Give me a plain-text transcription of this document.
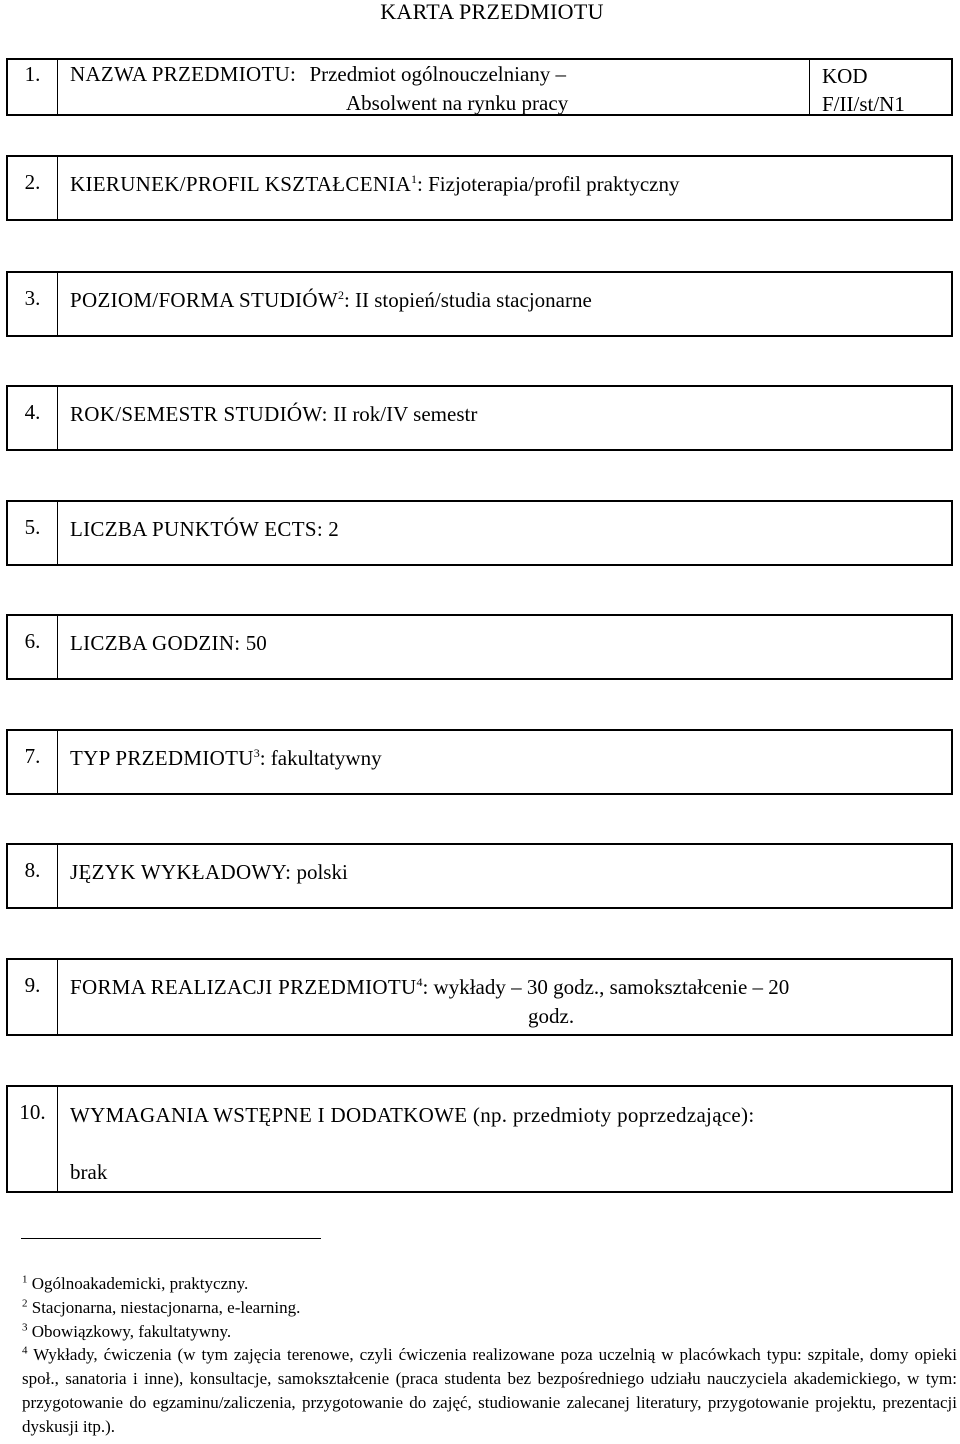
KARTA PRZEDMIOTU
1.	NAZWA PRZEDMIOTU: Przedmiot ogólnouczelniany –
Absolwent na rynku pracy
KOD
F/II/st/N1
2.	KIERUNEK/PROFIL KSZTAŁCENIA$^1$: Fizjoterapia/profil praktyczny
3.	POZIOM/FORMA STUDIÓW$^2$: II stopień/studia stacjonarne
4.	ROK/SEMESTR STUDIÓW: II rok/IV semestr
5.	LICZBA PUNKTÓW ECTS: 2
6.	LICZBA GODZIN: 50
7.	TYP PRZEDMIOTU$^3$: fakultatywny
8.	JĘZYK WYKŁADOWY: polski
9.	FORMA REALIZACJI PRZEDMIOTU$^4$: wykłady – 30 godz., samokształcenie – 20
godz.
10.	WYMAGANIA WSTĘPNE I DODATKOWE (np. przedmioty poprzedzające):
brak

$^1$ Ogólnoakademicki, praktyczny.

$^2$ Stacjonarna, niestacjonarna, e-learning.

$^3$ Obowiązkowy, fakultatywny.

$^4$ Wykłady, ćwiczenia (w tym zajęcia terenowe, czyli ćwiczenia realizowane poza uczelnią w placówkach typu: szpitale, domy opieki społ., sanatoria i inne), konsultacje, samokształcenie (praca studenta bez bezpośredniego udziału nauczyciela akademickiego, w tym: przygotowanie do egzaminu/zaliczenia, przygotowanie do zajęć, studiowanie zalecanej literatury, przygotowanie projektu, prezentacji dyskusji itp.).
